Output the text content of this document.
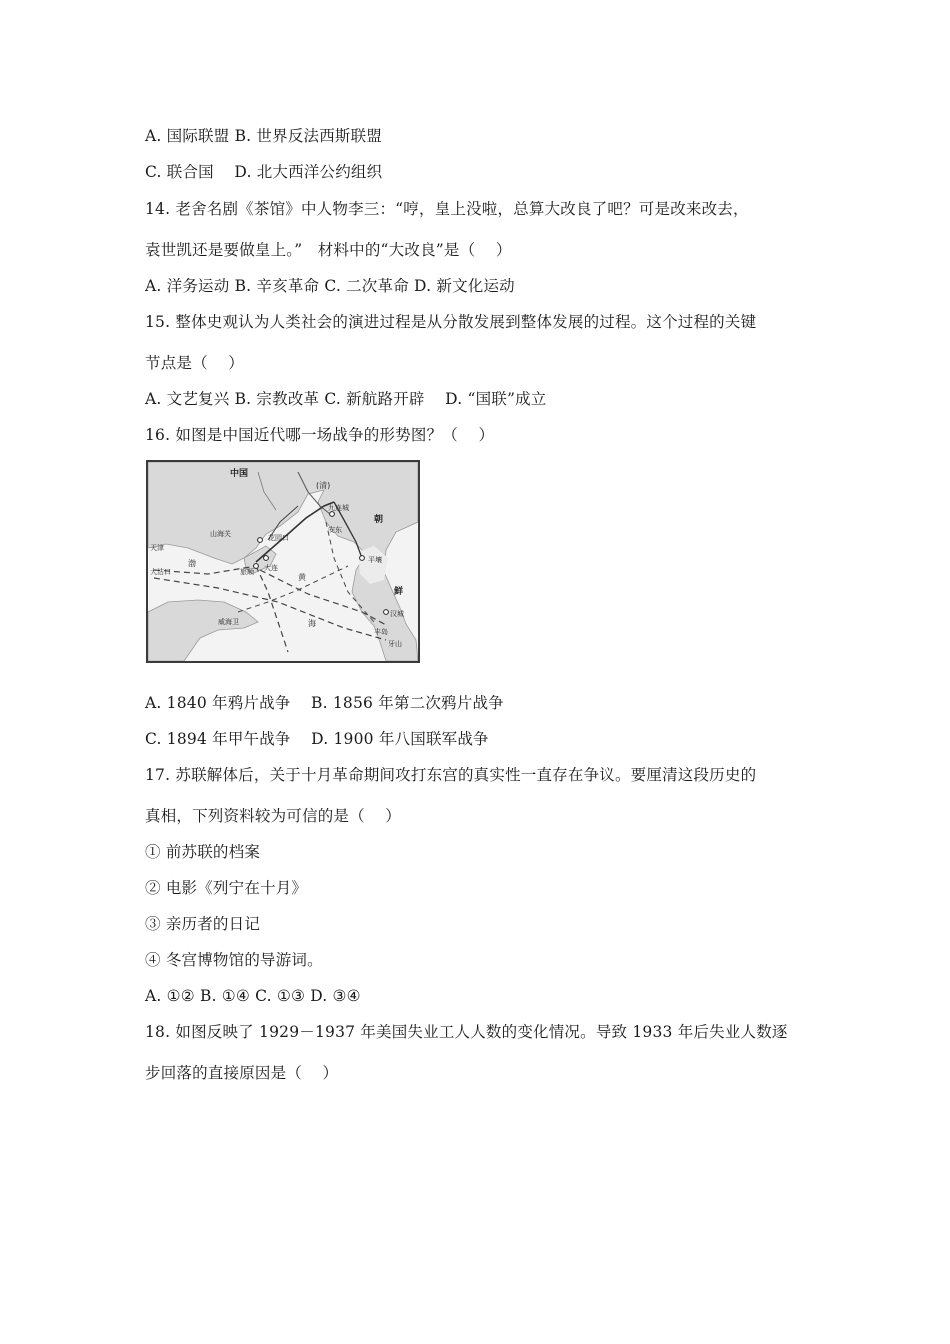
A. 国际联盟 B. 世界反法西斯联盟
C. 联合国    D. 北大西洋公约组织
14. 老舍名剧《茶馆》中人物李三：“哼，皇上没啦，总算大改良了吧？可是改来改去，
袁世凯还是要做皇上。”   材料中的“大改良”是（    ）
A. 洋务运动 B. 辛亥革命 C. 二次革命 D. 新文化运动
15. 整体史观认为人类社会的演进过程是从分散发展到整体发展的过程。这个过程的关键
节点是（    ）
A. 文艺复兴 B. 宗教改革 C. 新航路开辟    D. “国联”成立
16. 如图是中国近代哪一场战争的形势图？（    ）
中国
(清)
九连城
安东
朝
鲜
山海关	花园口
平壤
天津
大沽口	旅顺 大连
威海卫
汉城
丰岛
牙山
渤
黄
海
A. 1840 年鸦片战争    B. 1856 年第二次鸦片战争
C. 1894 年甲午战争    D. 1900 年八国联军战争
17. 苏联解体后，关于十月革命期间攻打东宫的真实性一直存在争议。要厘清这段历史的
真相，下列资料较为可信的是（    ）
① 前苏联的档案
② 电影《列宁在十月》
③ 亲历者的日记
④ 冬宫博物馆的导游词。
A. ①② B. ①④ C. ①③ D. ③④
18. 如图反映了 1929－1937 年美国失业工人人数的变化情况。导致 1933 年后失业人数逐
步回落的直接原因是（    ）
